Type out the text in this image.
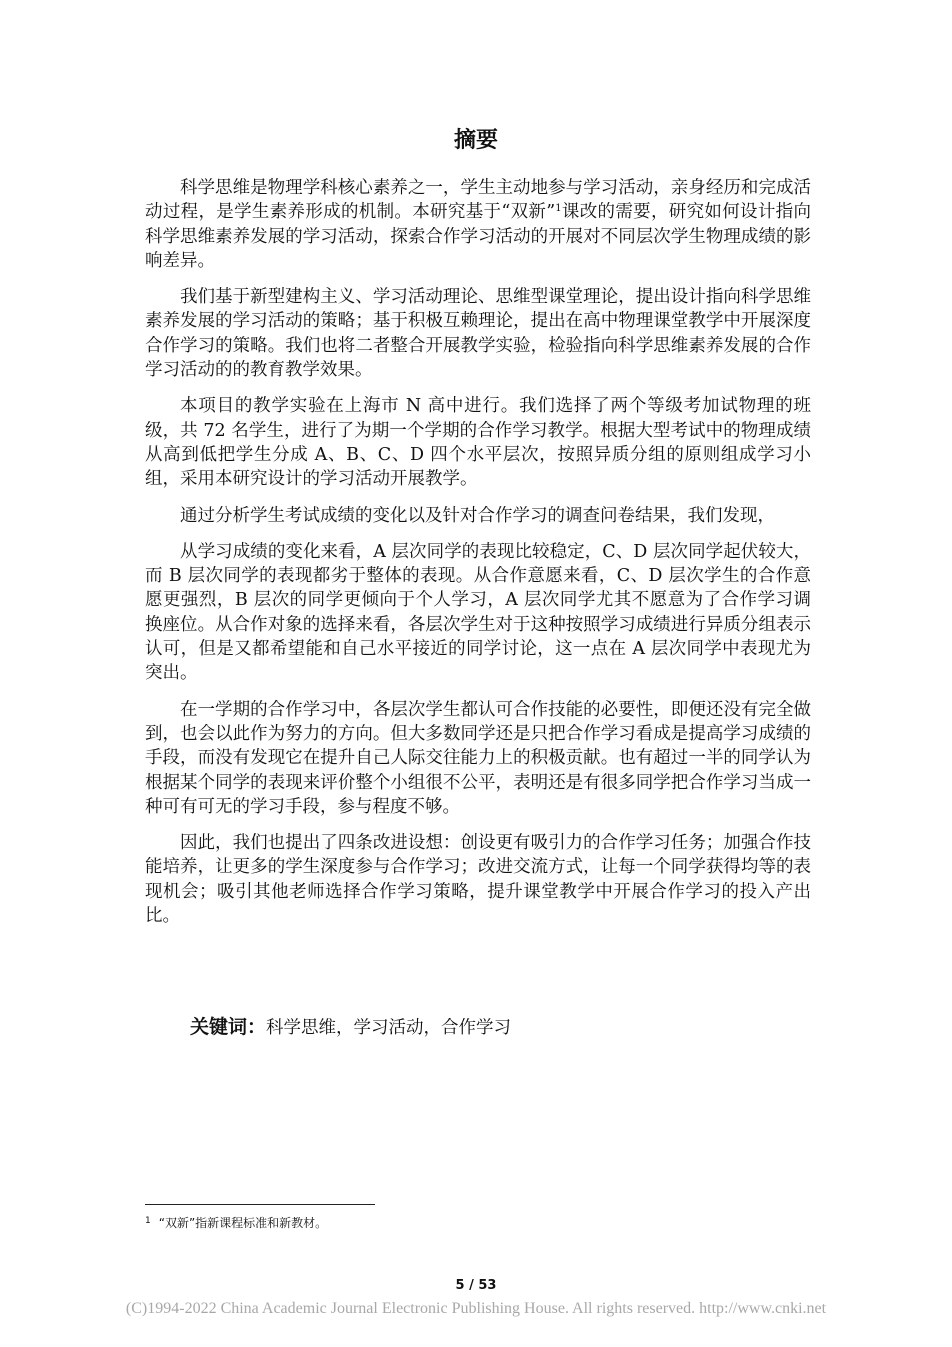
摘要

科学思维是物理学科核心素养之一，学生主动地参与学习活动，亲身经历和完成活动过程，是学生素养形成的机制。本研究基于“双新”$^1$课改的需要，研究如何设计指向科学思维素养发展的学习活动，探索合作学习活动的开展对不同层次学生物理成绩的影响差异。

我们基于新型建构主义、学习活动理论、思维型课堂理论，提出设计指向科学思维素养发展的学习活动的策略；基于积极互赖理论，提出在高中物理课堂教学中开展深度合作学习的策略。我们也将二者整合开展教学实验，检验指向科学思维素养发展的合作学习活动的的教育教学效果。

本项目的教学实验在上海市 N 高中进行。我们选择了两个等级考加试物理的班级，共 72 名学生，进行了为期一个学期的合作学习教学。根据大型考试中的物理成绩从高到低把学生分成 A、B、C、D 四个水平层次，按照异质分组的原则组成学习小组，采用本研究设计的学习活动开展教学。

通过分析学生考试成绩的变化以及针对合作学习的调查问卷结果，我们发现，

从学习成绩的变化来看，A 层次同学的表现比较稳定，C、D 层次同学起伏较大，而 B 层次同学的表现都劣于整体的表现。从合作意愿来看，C、D 层次学生的合作意愿更强烈，B 层次的同学更倾向于个人学习，A 层次同学尤其不愿意为了合作学习调换座位。从合作对象的选择来看，各层次学生对于这种按照学习成绩进行异质分组表示认可，但是又都希望能和自己水平接近的同学讨论，这一点在 A 层次同学中表现尤为突出。

在一学期的合作学习中，各层次学生都认可合作技能的必要性，即便还没有完全做到，也会以此作为努力的方向。但大多数同学还是只把合作学习看成是提高学习成绩的手段，而没有发现它在提升自己人际交往能力上的积极贡献。也有超过一半的同学认为根据某个同学的表现来评价整个小组很不公平，表明还是有很多同学把合作学习当成一种可有可无的学习手段，参与程度不够。

因此，我们也提出了四条改进设想：创设更有吸引力的合作学习任务；加强合作技能培养，让更多的学生深度参与合作学习；改进交流方式，让每一个同学获得均等的表现机会；吸引其他老师选择合作学习策略，提升课堂教学中开展合作学习的投入产出比。

关键词：科学思维，学习活动，合作学习
$^1$ “双新”指新课程标准和新教材。
5 / 53
(C)1994-2022 China Academic Journal Electronic Publishing House. All rights reserved. http://www.cnki.net
